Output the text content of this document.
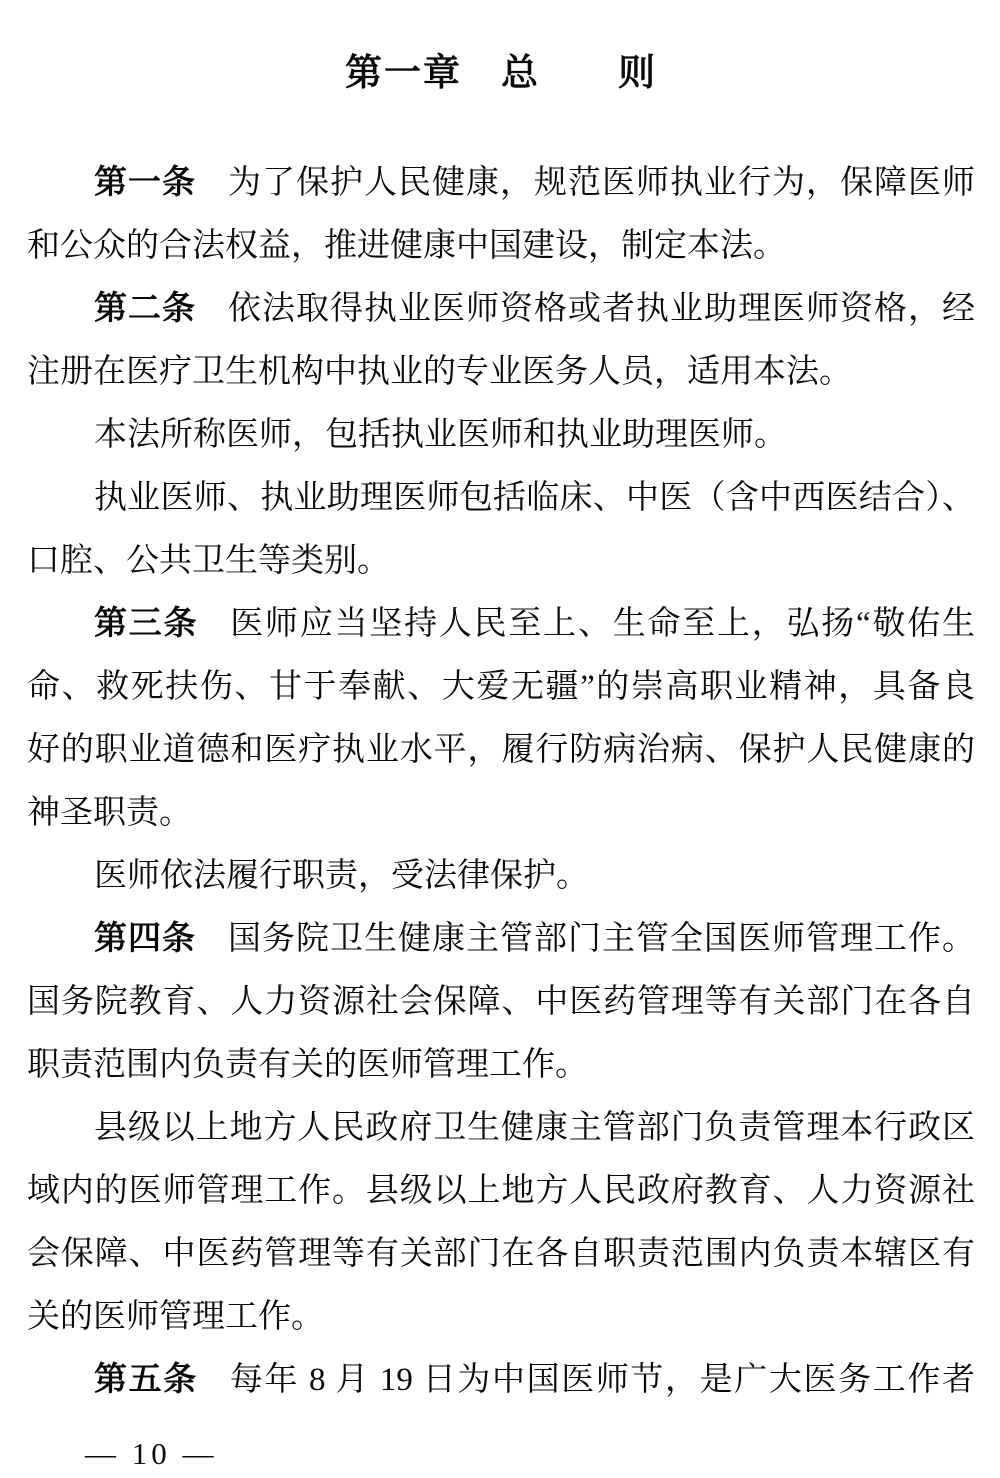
第一章　总　　则
第一条 为了保护人民健康，规范医师执业行为，保障医师
和公众的合法权益，推进健康中国建设，制定本法。
第二条 依法取得执业医师资格或者执业助理医师资格，经
注册在医疗卫生机构中执业的专业医务人员，适用本法。
本法所称医师，包括执业医师和执业助理医师。
执业医师、执业助理医师包括临床、中医（含中西医结合）、
口腔、公共卫生等类别。
第三条 医师应当坚持人民至上、生命至上，弘扬“敬佑生
命、救死扶伤、甘于奉献、大爱无疆”的崇高职业精神，具备良
好的职业道德和医疗执业水平，履行防病治病、保护人民健康的
神圣职责。
医师依法履行职责，受法律保护。
第四条 国务院卫生健康主管部门主管全国医师管理工作。
国务院教育、人力资源社会保障、中医药管理等有关部门在各自
职责范围内负责有关的医师管理工作。
县级以上地方人民政府卫生健康主管部门负责管理本行政区
域内的医师管理工作。县级以上地方人民政府教育、人力资源社
会保障、中医药管理等有关部门在各自职责范围内负责本辖区有
关的医师管理工作。
第五条 每年 8 月 19 日为中国医师节，是广大医务工作者

— 10 —
